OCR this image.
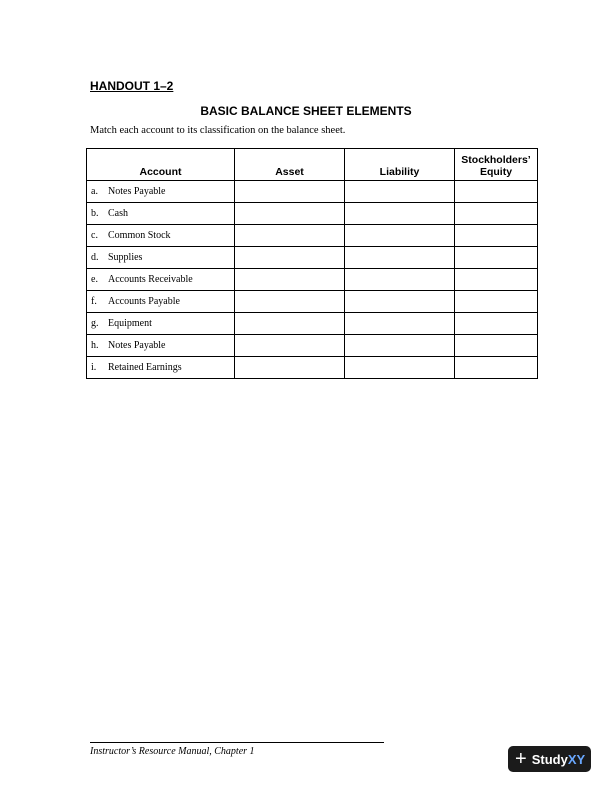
HANDOUT 1–2

BASIC BALANCE SHEET ELEMENTS

Match each account to its classification on the balance sheet.

Account	Asset	Liability	Stockholders’
Equity
a. Notes Payable			
b. Cash			
c. Common Stock			
d. Supplies			
e. Accounts Receivable			
f. Accounts Payable			
g. Equipment			
h. Notes Payable			
i. Retained Earnings			

Instructor’s Resource Manual, Chapter 1	+ Study XY
